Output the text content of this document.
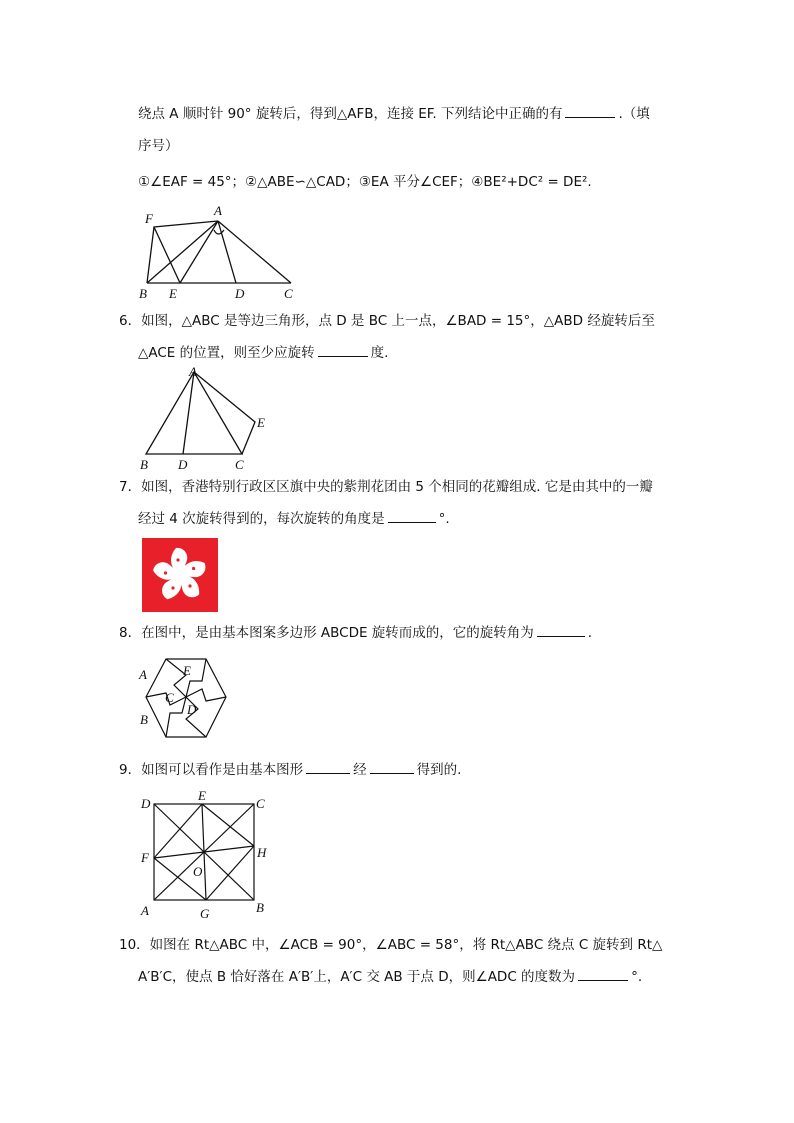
绕点 A 顺时针 90° 旋转后，得到△AFB，连接 EF. 下列结论中正确的有	.（填
序号）
①∠EAF = 45°；②△ABE∽△CAD；③EA 平分∠CEF；④BE²+DC² = DE².
F
A
B E	D	C
6．如图，△ABC 是等边三角形，点 D 是 BC 上一点，∠BAD = 15°，△ABD 经旋转后至
△ACE 的位置，则至少应旋转	度.
A
B D	C
E
7．如图，香港特别行政区区旗中央的紫荆花团由 5 个相同的花瓣组成. 它是由其中的一瓣
经过 4 次旋转得到的，每次旋转的角度是	°.
8．在图中，是由基本图案多边形 ABCDE 旋转而成的，它的旋转角为	.
A	E
C
B
D
9．如图可以看作是由基本图形	经	得到的.
D
E
C
F	H
O
A	G	B
10．如图在 Rt△ABC 中，∠ACB = 90°，∠ABC = 58°，将 Rt△ABC 绕点 C 旋转到 Rt△
A′B′C，使点 B 恰好落在 A′B′上，A′C 交 AB 于点 D，则∠ADC 的度数为	°.
